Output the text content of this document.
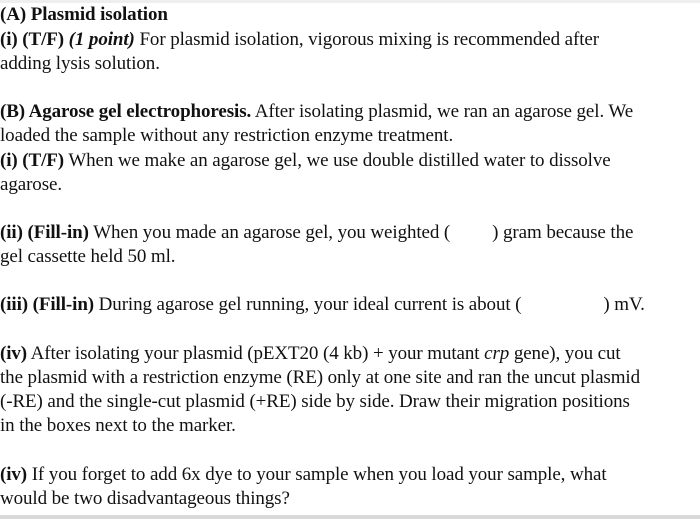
(A) Plasmid isolation
(i) (T/F) (1 point) For plasmid isolation, vigorous mixing is recommended after
adding lysis solution.
(B) Agarose gel electrophoresis. After isolating plasmid, we ran an agarose gel. We
loaded the sample without any restriction enzyme treatment.
(i) (T/F) When we make an agarose gel, we use double distilled water to dissolve
agarose.
(ii) (Fill-in) When you made an agarose gel, you weighted ( ) gram because the
gel cassette held 50 ml.
(iii) (Fill-in) During agarose gel running, your ideal current is about (	) mV.
(iv) After isolating your plasmid (pEXT20 (4 kb) + your mutant crp gene), you cut
the plasmid with a restriction enzyme (RE) only at one site and ran the uncut plasmid
(-RE) and the single-cut plasmid (+RE) side by side. Draw their migration positions
in the boxes next to the marker.
(iv) If you forget to add 6x dye to your sample when you load your sample, what
would be two disadvantageous things?
